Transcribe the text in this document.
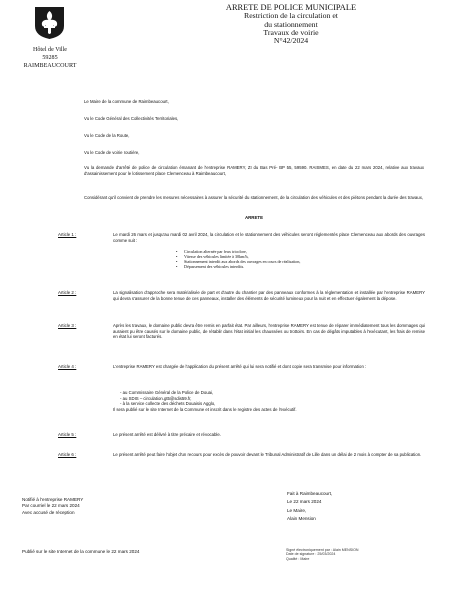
Hôtel de Ville
59285 RAIMBEAUCOURT
ARRETE DE POLICE MUNICIPALE
Restriction de la circulation et
du stationnement
Travaux de voirie
N°42/2024
Le Maire de la commune de Raimbeaucourt,
Vu le Code Général des Collectivités Territoriales,
Vu le Code de la Route,
Vu le Code de voirie routière,
Vu la demande d'arrêté de police de circulation émanant de l'entreprise RAMERY, ZI du Bas Pré- BP 55, 59590. RAISMES, en date du 22 mars 2024, relative aux travaux d'assainissement pour le lotissement place Clemenceau à Raimbeaucourt,
Considérant qu'il convient de prendre les mesures nécessaires à assurer la sécurité du stationnement, de la circulation des véhicules et des piétons pendant la durée des travaux,
ARRETE
Article 1 :	Le mardi 26 mars et jusqu'au mardi 02 avril 2024, la circulation et le stationnement des véhicules seront réglementés place Clemenceau aux abords des ouvrages comme suit :
• Circulation alternée par feux tricolore,
• Vitesse des véhicules limitée à 30km/h,
• Stationnement interdit aux abords des ouvrages en cours de réalisation,
• Dépassement des véhicules interdits.
Article 2 :	La signalisation d'approche sera matérialisée de part et d'autre du chantier par des panneaux conformes à la réglementation et installée par l'entreprise RAMERY qui devra s'assurer de la bonne tenue de ces panneaux, installer des éléments de sécurité lumineux pour la nuit et en effectuer également la dépose.
Article 3 :	Après les travaux, le domaine public devra être remis en parfait état. Par ailleurs, l'entreprise RAMERY est tenue de réparer immédiatement tous les dommages qui auraient pu être causés sur le domaine public, de rétablir dans l'état initial les chaussées ou trottoirs. En cas de dégâts imputables à l'exécutant, les frais de remise en état lui seront facturés.
Article 4 :	L'entreprise RAMERY est chargée de l'application du présent arrêté qui lui sera notifié et dont copie sera transmise pour information :
- au Commissaire Général de la Police de Douai,
- au SDIS – circulation.gt5@sdis59.fr,
- à la service collecte des déchets Douaisis Agglo,
Il sera publié sur le site Internet de la Commune et inscrit dans le registre des actes de l'exécutif.
Article 5 :	Le présent arrêté est délivré à titre précaire et révocable.
Article 6 :	Le présent arrêté peut faire l'objet d'un recours pour excès de pouvoir devant le Tribunal Administratif de Lille dans un délai de 2 mois à compter de sa publication.
Notifié à l'entreprise RAMERY
Par courriel le 22 mars 2024
Avec accusé de réception
Fait à Raimbeaucourt,
Le 22 mars 2024
Le Maire,
Alain Mension
Publié sur le site Internet de la commune le 22 mars 2024	Signé électroniquement par : Alain MENSION
Date de signature : 25/03/2024
Qualité : Maire
